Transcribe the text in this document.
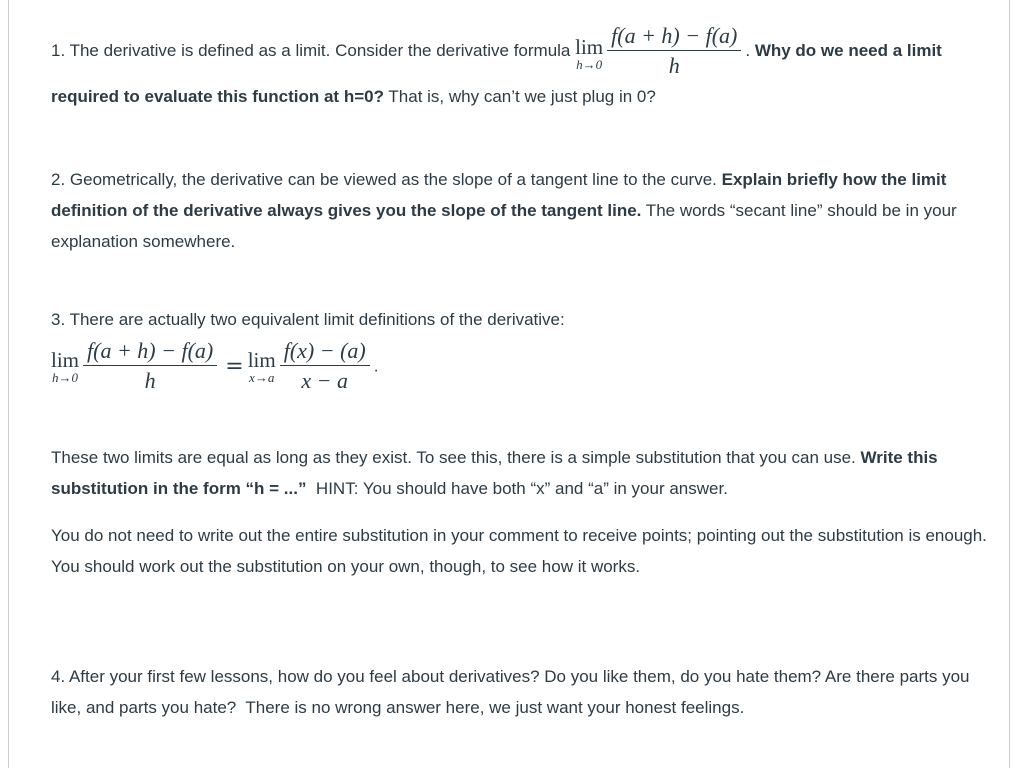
1. The derivative is defined as a limit. Consider the derivative formula lim
$h\to 0 \frac{f(a + h) - f(a)}{h}$ . Why do we need a limit required to evaluate this function at h=0? That is, why can’t we just plug in 0?
2. Geometrically, the derivative can be viewed as the slope of a tangent line to the curve. Explain briefly how the limit definition of the derivative always gives you the slope of the tangent line. The words “secant line” should be in your explanation somewhere.
3. There are actually two equivalent limit definitions of the derivative:
lim
$h\to 0 \frac{f(a + h) - f(a)}{h} = \lim$
$x\to a \frac{f(x) - (a)}{x - a}$ .
These two limits are equal as long as they exist. To see this, there is a simple substitution that you can use. Write this substitution in the form “h = ...”  HINT: You should have both “x” and “a” in your answer.
You do not need to write out the entire substitution in your comment to receive points; pointing out the substitution is enough. You should work out the substitution on your own, though, to see how it works.
4. After your first few lessons, how do you feel about derivatives? Do you like them, do you hate them? Are there parts you like, and parts you hate?  There is no wrong answer here, we just want your honest feelings.
